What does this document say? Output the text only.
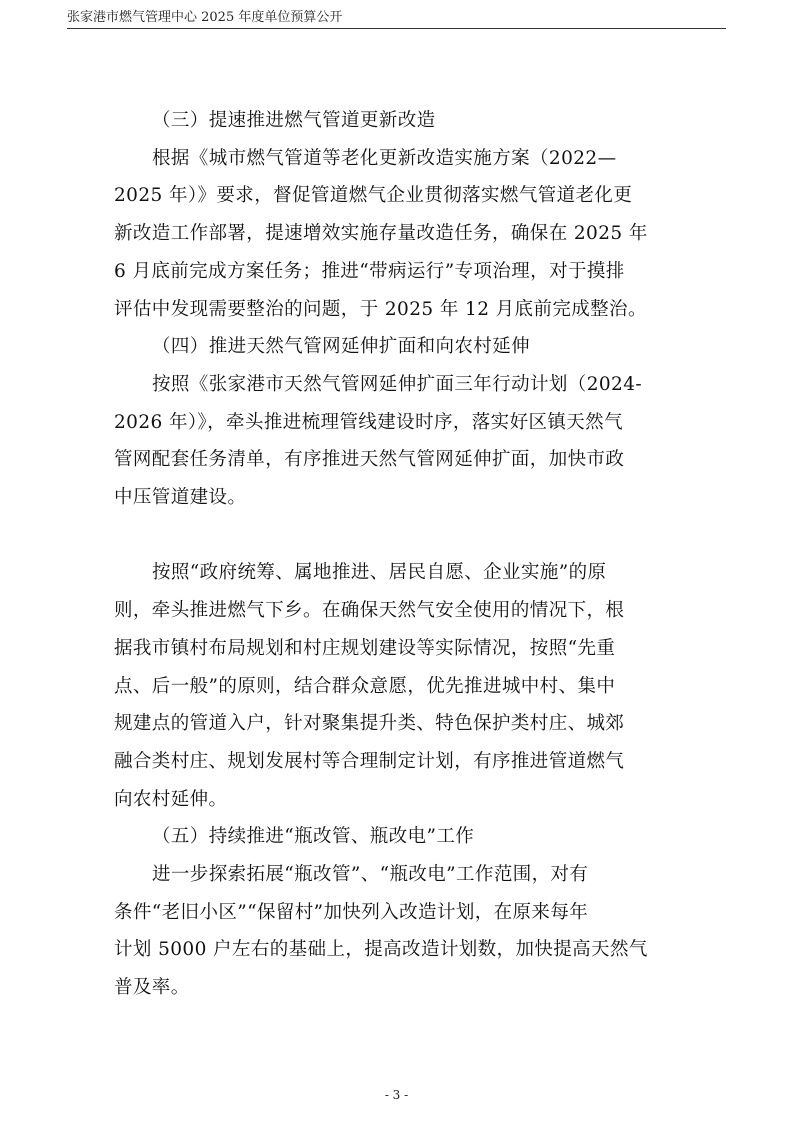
张家港市燃气管理中心 2025 年度单位预算公开
（三）提速推进燃气管道更新改造
根据《城市燃气管道等老化更新改造实施方案（2022—
2025 年）》要求，督促管道燃气企业贯彻落实燃气管道老化更
新改造工作部署，提速增效实施存量改造任务，确保在 2025 年
6 月底前完成方案任务；推进“带病运行”专项治理，对于摸排
评估中发现需要整治的问题，于 2025 年 12 月底前完成整治。
（四）推进天然气管网延伸扩面和向农村延伸
按照《张家港市天然气管网延伸扩面三年行动计划（2024-
2026 年）》，牵头推进梳理管线建设时序，落实好区镇天然气
管网配套任务清单，有序推进天然气管网延伸扩面，加快市政
中压管道建设。
按照“政府统筹、属地推进、居民自愿、企业实施”的原
则，牵头推进燃气下乡。在确保天然气安全使用的情况下，根
据我市镇村布局规划和村庄规划建设等实际情况，按照“先重
点、后一般”的原则，结合群众意愿，优先推进城中村、集中
规建点的管道入户，针对聚集提升类、特色保护类村庄、城郊
融合类村庄、规划发展村等合理制定计划，有序推进管道燃气
向农村延伸。
（五）持续推进“瓶改管、瓶改电”工作
进一步探索拓展“瓶改管”、“瓶改电”工作范围，对有
条件“老旧小区”“保留村”加快列入改造计划，在原来每年
计划 5000 户左右的基础上，提高改造计划数，加快提高天然气
普及率。
- 3 -
